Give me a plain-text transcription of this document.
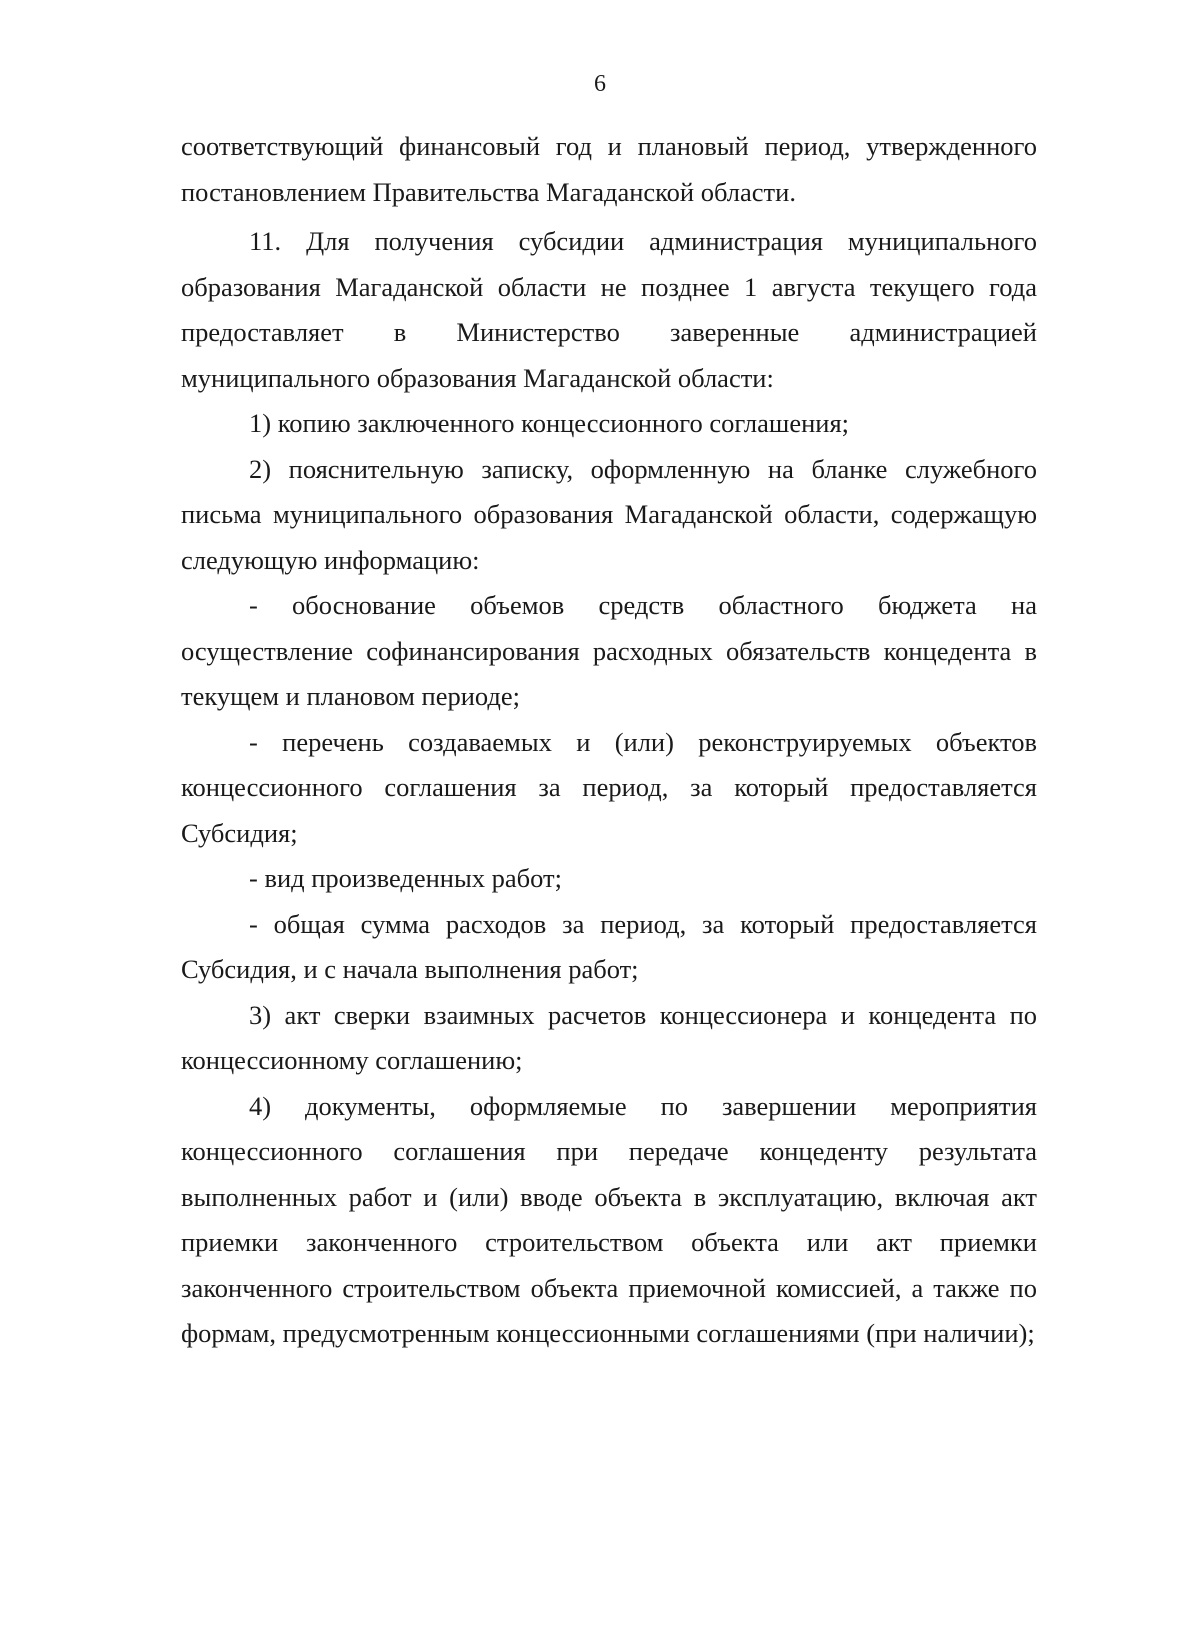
6

соответствующий финансовый год и плановый период, утвержденного постановлением Правительства Магаданской области.

11. Для получения субсидии администрация муниципального образования Магаданской области не позднее 1 августа текущего года предоставляет в Министерство заверенные администрацией муниципального образования Магаданской области:

1) копию заключенного концессионного соглашения;

2) пояснительную записку, оформленную на бланке служебного письма муниципального образования Магаданской области, содержащую следующую информацию:

- обоснование объемов средств областного бюджета на осуществление софинансирования расходных обязательств концедента в текущем и плановом периоде;

- перечень создаваемых и (или) реконструируемых объектов концессионного соглашения за период, за который предоставляется Субсидия;

- вид произведенных работ;

- общая сумма расходов за период, за который предоставляется Субсидия, и с начала выполнения работ;

3) акт сверки взаимных расчетов концессионера и концедента по концессионному соглашению;

4) документы, оформляемые по завершении мероприятия концессионного соглашения при передаче концеденту результата выполненных работ и (или) вводе объекта в эксплуатацию, включая акт приемки законченного строительством объекта или акт приемки законченного строительством объекта приемочной комиссией, а также по формам, предусмотренным концессионными соглашениями (при наличии);
